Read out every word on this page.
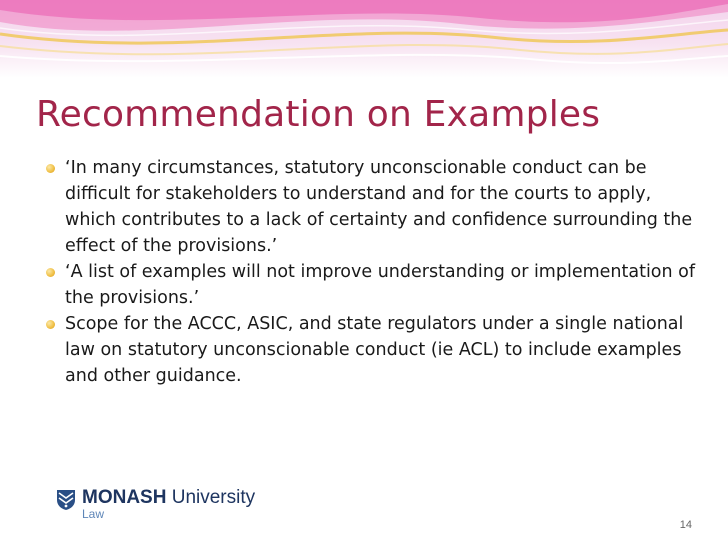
Recommendation on Examples
‘In many circumstances, statutory unconscionable conduct can be difficult for stakeholders to understand and for the courts to apply, which contributes to a lack of certainty and confidence surrounding the effect of the provisions.’
‘A list of examples will not improve understanding or implementation of the provisions.’
Scope for the ACCC, ASIC, and state regulators under a single national law on statutory unconscionable conduct (ie ACL) to include examples and other guidance.
MONASH University
Law
14
